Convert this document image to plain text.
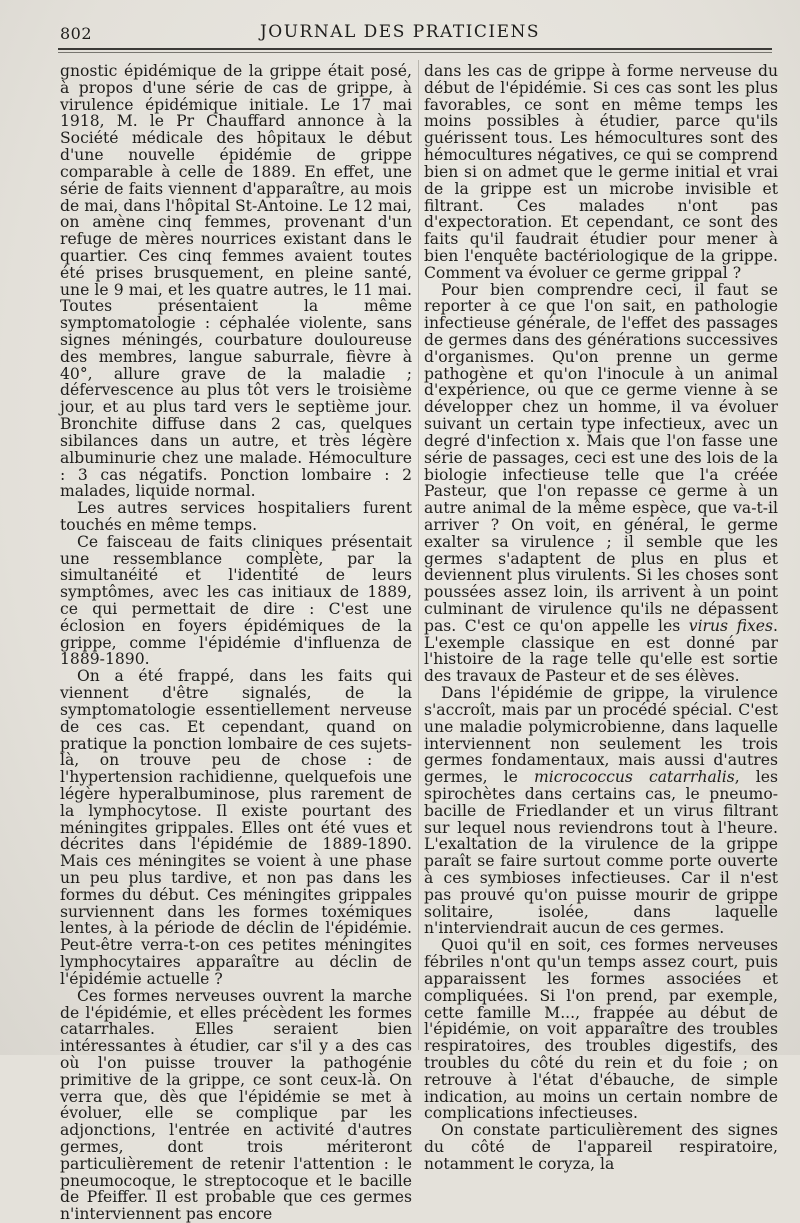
802	JOURNAL DES PRATICIENS

gnostic épidémique de la grippe était posé, à propos d'une série de cas de grippe, à virulence épidémique initiale. Le 17 mai 1918, M. le Pr Chauffard annonce à la Société médicale des hôpitaux le début d'une nouvelle épidémie de grippe comparable à celle de 1889. En effet, une série de faits viennent d'apparaître, au mois de mai, dans l'hôpital St-Antoine. Le 12 mai, on amène cinq femmes, provenant d'un refuge de mères nourrices existant dans le quartier. Ces cinq femmes avaient toutes été prises brusquement, en pleine santé, une le 9 mai, et les quatre autres, le 11 mai. Toutes présentaient la même symptomatologie : céphalée violente, sans signes méningés, courbature douloureuse des membres, langue saburrale, fièvre à 40°, allure grave de la maladie ; défervescence au plus tôt vers le troisième jour, et au plus tard vers le septième jour. Bronchite diffuse dans 2 cas, quelques sibilances dans un autre, et très légère albuminurie chez une malade. Hémoculture : 3 cas négatifs. Ponction lombaire : 2 malades, liquide normal.

Les autres services hospitaliers furent touchés en même temps.

Ce faisceau de faits cliniques présentait une ressemblance complète, par la simultanéité et l'identité de leurs symptômes, avec les cas initiaux de 1889, ce qui permettait de dire : C'est une éclosion en foyers épidémiques de la grippe, comme l'épidémie d'influenza de 1889-1890.

On a été frappé, dans les faits qui viennent d'être signalés, de la symptomatologie essentiellement nerveuse de ces cas. Et cependant, quand on pratique la ponction lombaire de ces sujets-là, on trouve peu de chose : de l'hypertension rachidienne, quelquefois une légère hyperalbuminose, plus rarement de la lymphocytose. Il existe pourtant des méningites grippales. Elles ont été vues et décrites dans l'épidémie de 1889-1890. Mais ces méningites se voient à une phase un peu plus tardive, et non pas dans les formes du début. Ces méningites grippales surviennent dans les formes toxémiques lentes, à la période de déclin de l'épidémie. Peut-être verra-t-on ces petites méningites lymphocytaires apparaître au déclin de l'épidémie actuelle ?

Ces formes nerveuses ouvrent la marche de l'épidémie, et elles précèdent les formes catarrhales. Elles seraient bien intéressantes à étudier, car s'il y a des cas où l'on puisse trouver la pathogénie primitive de la grippe, ce sont ceux-là. On verra que, dès que l'épidémie se met à évoluer, elle se complique par les adjonctions, l'entrée en activité d'autres germes, dont trois mériteront particulièrement de retenir l'attention : le pneumocoque, le streptocoque et le bacille de Pfeiffer. Il est probable que ces germes n'interviennent pas encore

dans les cas de grippe à forme nerveuse du début de l'épidémie. Si ces cas sont les plus favorables, ce sont en même temps les moins possibles à étudier, parce qu'ils guérissent tous. Les hémocultures sont des hémocultures négatives, ce qui se comprend bien si on admet que le germe initial et vrai de la grippe est un microbe invisible et filtrant. Ces malades n'ont pas d'expectoration. Et cependant, ce sont des faits qu'il faudrait étudier pour mener à bien l'enquête bactériologique de la grippe. Comment va évoluer ce germe grippal ?

Pour bien comprendre ceci, il faut se reporter à ce que l'on sait, en pathologie infectieuse générale, de l'effet des passages de germes dans des générations successives d'organismes. Qu'on prenne un germe pathogène et qu'on l'inocule à un animal d'expérience, ou que ce germe vienne à se développer chez un homme, il va évoluer suivant un certain type infectieux, avec un degré d'infection x. Mais que l'on fasse une série de passages, ceci est une des lois de la biologie infectieuse telle que l'a créée Pasteur, que l'on repasse ce germe à un autre animal de la même espèce, que va-t-il arriver ? On voit, en général, le germe exalter sa virulence ; il semble que les germes s'adaptent de plus en plus et deviennent plus virulents. Si les choses sont poussées assez loin, ils arrivent à un point culminant de virulence qu'ils ne dépassent pas. C'est ce qu'on appelle les virus fixes. L'exemple classique en est donné par l'histoire de la rage telle qu'elle est sortie des travaux de Pasteur et de ses élèves.

Dans l'épidémie de grippe, la virulence s'accroît, mais par un procédé spécial. C'est une maladie polymicrobienne, dans laquelle interviennent non seulement les trois germes fondamentaux, mais aussi d'autres germes, le micrococcus catarrhalis, les spirochètes dans certains cas, le pneumo-bacille de Friedlander et un virus filtrant sur lequel nous reviendrons tout à l'heure. L'exaltation de la virulence de la grippe paraît se faire surtout comme porte ouverte à ces symbioses infectieuses. Car il n'est pas prouvé qu'on puisse mourir de grippe solitaire, isolée, dans laquelle n'interviendrait aucun de ces germes.

Quoi qu'il en soit, ces formes nerveuses fébriles n'ont qu'un temps assez court, puis apparaissent les formes associées et compliquées. Si l'on prend, par exemple, cette famille M..., frappée au début de l'épidémie, on voit apparaître des troubles respiratoires, des troubles digestifs, des troubles du côté du rein et du foie ; on retrouve à l'état d'ébauche, de simple indication, au moins un certain nombre de complications infectieuses.

On constate particulièrement des signes du côté de l'appareil respiratoire, notamment le coryza, la
